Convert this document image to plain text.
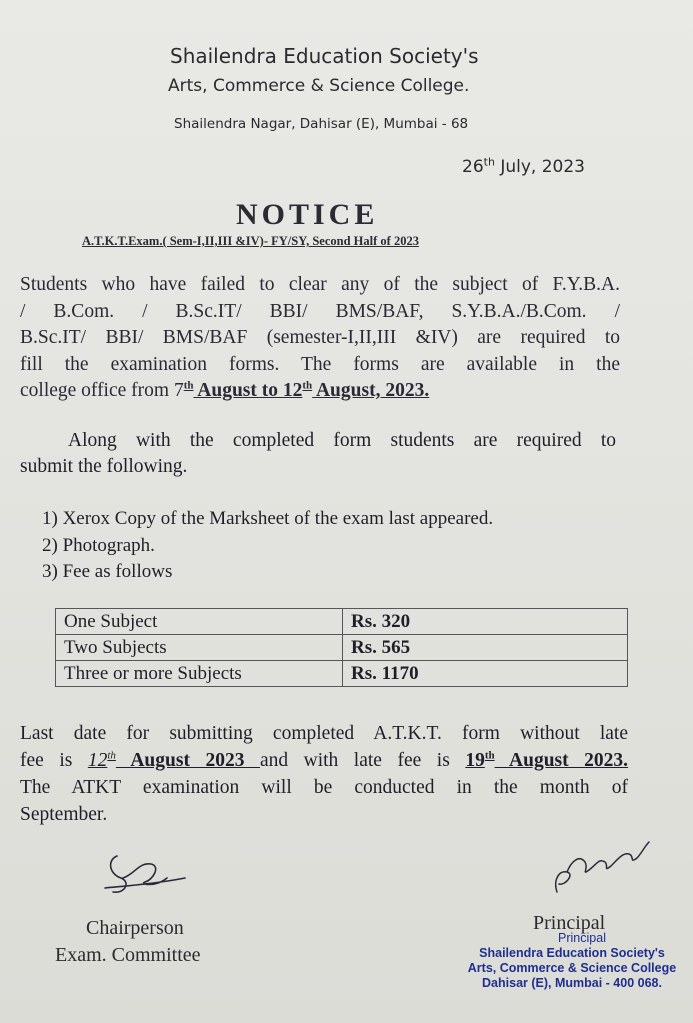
Shailendra Education Society's
Arts, Commerce & Science College.
Shailendra Nagar, Dahisar (E), Mumbai - 68
26th July, 2023
NOTICE
A.T.K.T.Exam.( Sem-I,II,III &IV)- FY/SY, Second Half of 2023
Students who have failed to clear any of the subject of F.Y.B.A.
/ B.Com. / B.Sc.IT/ BBI/ BMS/BAF, S.Y.B.A./B.Com. /
B.Sc.IT/ BBI/ BMS/BAF (semester-I,II,III &IV) are required to
fill the examination forms. The forms are available in the
college office from 7th August to 12th August, 2023.
Along with the completed form students are required to
submit the following.
1) Xerox Copy of the Marksheet of the exam last appeared.
2) Photograph.
3) Fee as follows
One Subject	Rs. 320
Two Subjects	Rs. 565
Three or more Subjects	Rs. 1170
Last date for submitting completed A.T.K.T. form without late
fee is 12th August 2023 and with late fee is 19th August 2023.
The ATKT examination will be conducted in the month of
September.
Chairperson
Exam. Committee
Principal
Principal
Shailendra Education Society's
Arts, Commerce & Science College
Dahisar (E), Mumbai - 400 068.
